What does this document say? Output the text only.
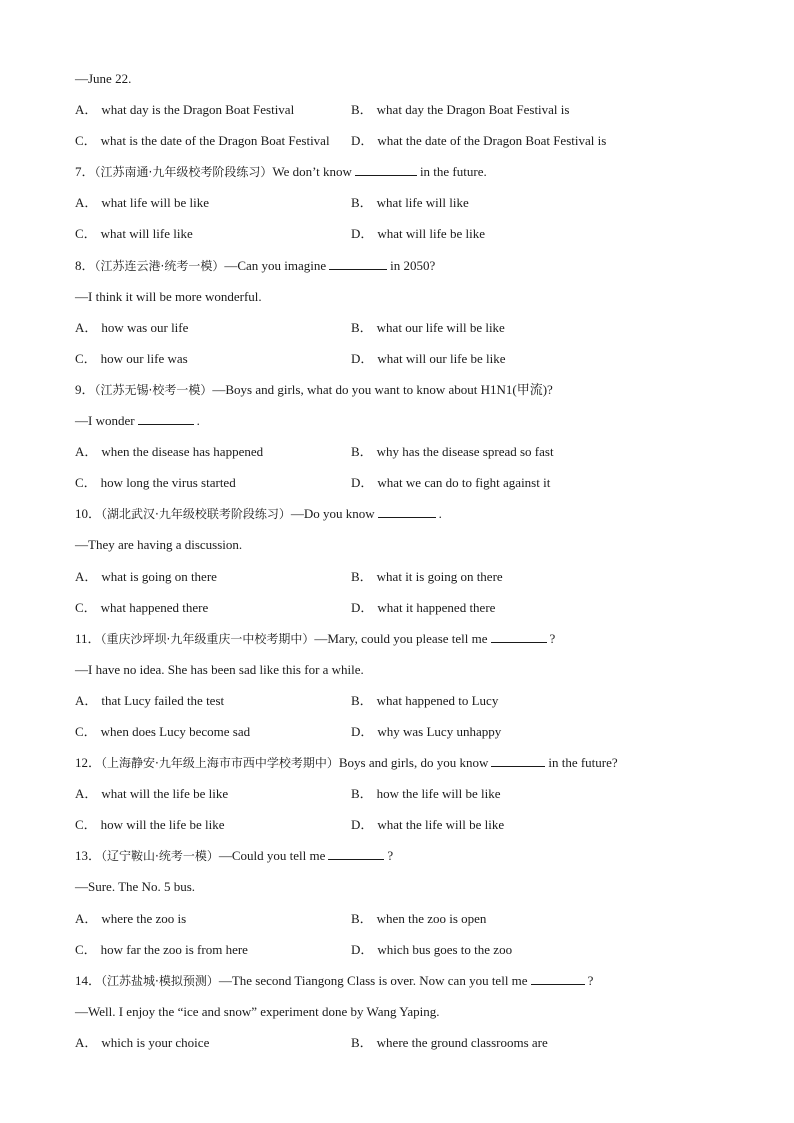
—June 22.
A． what day is the Dragon Boat Festival	B． what day the Dragon Boat Festival is
C． what is the date of the Dragon Boat Festival D． what the date of the Dragon Boat Festival is
7．（江苏南通·九年级校考阶段练习）We don’t know	in the future.
A． what life will be like	B． what life will like
C． what will life like	D． what will life be like
8．（江苏连云港·统考一模）—Can you imagine	in 2050?
—I think it will be more wonderful.
A． how was our life	B． what our life will be like
C． how our life was	D． what will our life be like
9．（江苏无锡·校考一模）—Boys and girls, what do you want to know about H1N1(甲流)?
—I wonder	.
A． when the disease has happened	B． why has the disease spread so fast
C． how long the virus started	D． what we can do to fight against it
10．（湖北武汉·九年级校联考阶段练习）—Do you know	.
—They are having a discussion.
A． what is going on there	B． what it is going on there
C． what happened there	D． what it happened there
11．（重庆沙坪坝·九年级重庆一中校考期中）—Mary, could you please tell me	?
—I have no idea. She has been sad like this for a while.
A． that Lucy failed the test	B． what happened to Lucy
C． when does Lucy become sad	D． why was Lucy unhappy
12．（上海静安·九年级上海市市西中学校考期中）Boys and girls, do you know	in the future?
A． what will the life be like	B． how the life will be like
C． how will the life be like	D． what the life will be like
13．（辽宁鞍山·统考一模）—Could you tell me	?
—Sure. The No. 5 bus.
A． where the zoo is	B． when the zoo is open
C． how far the zoo is from here	D． which bus goes to the zoo
14．（江苏盐城·模拟预测）—The second Tiangong Class is over. Now can you tell me	?
—Well. I enjoy the “ice and snow” experiment done by Wang Yaping.
A． which is your choice	B． where the ground classrooms are
